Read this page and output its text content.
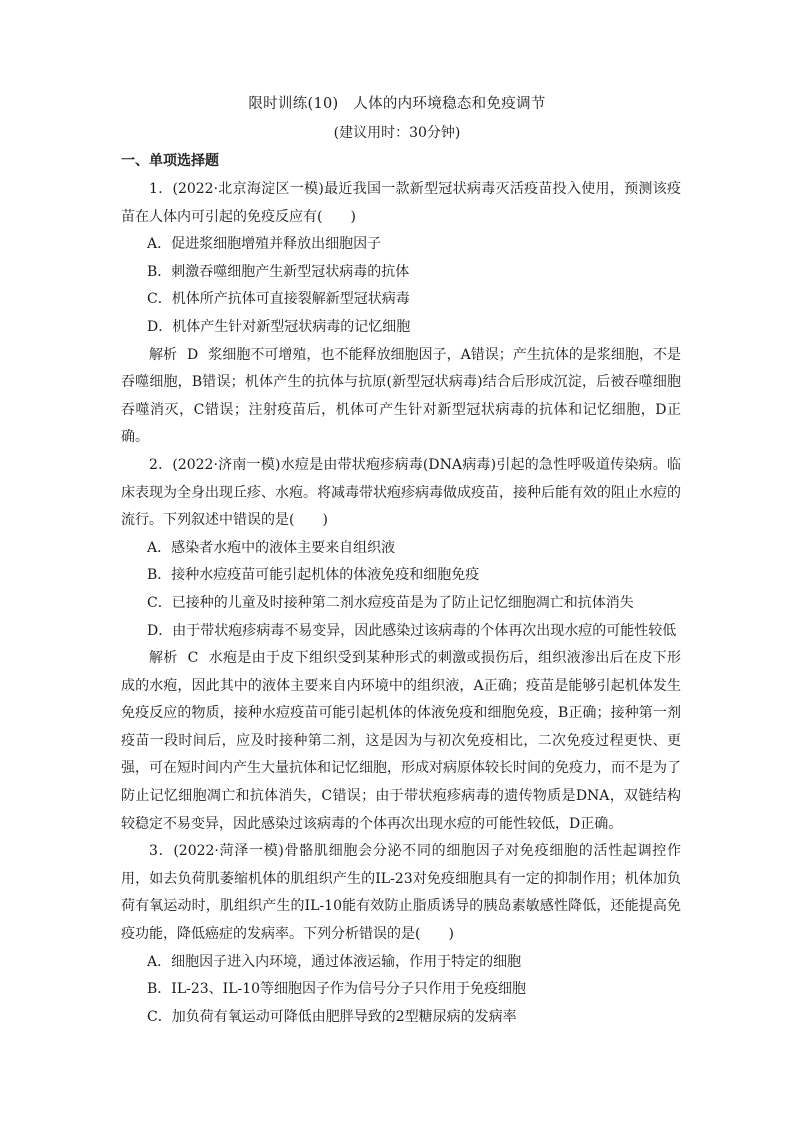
限时训练(10)　人体的内环境稳态和免疫调节
(建议用时：30分钟)
一、单项选择题

1．(2022·北京海淀区一模)最近我国一款新型冠状病毒灭活疫苗投入使用，预测该疫苗在人体内可引起的免疫反应有(　　)

A．促进浆细胞增殖并释放出细胞因子

B．刺激吞噬细胞产生新型冠状病毒的抗体

C．机体所产抗体可直接裂解新型冠状病毒

D．机体产生针对新型冠状病毒的记忆细胞

解析 D 浆细胞不可增殖，也不能释放细胞因子，A错误；产生抗体的是浆细胞，不是吞噬细胞，B错误；机体产生的抗体与抗原(新型冠状病毒)结合后形成沉淀，后被吞噬细胞吞噬消灭，C错误；注射疫苗后，机体可产生针对新型冠状病毒的抗体和记忆细胞，D正确。

2．(2022·济南一模)水痘是由带状疱疹病毒(DNA病毒)引起的急性呼吸道传染病。临床表现为全身出现丘疹、水疱。将减毒带状疱疹病毒做成疫苗，接种后能有效的阻止水痘的流行。下列叙述中错误的是(　　)

A．感染者水疱中的液体主要来自组织液

B．接种水痘疫苗可能引起机体的体液免疫和细胞免疫

C．已接种的儿童及时接种第二剂水痘疫苗是为了防止记忆细胞凋亡和抗体消失

D．由于带状疱疹病毒不易变异，因此感染过该病毒的个体再次出现水痘的可能性较低

解析 C 水疱是由于皮下组织受到某种形式的刺激或损伤后，组织液渗出后在皮下形成的水疱，因此其中的液体主要来自内环境中的组织液，A正确；疫苗是能够引起机体发生免疫反应的物质，接种水痘疫苗可能引起机体的体液免疫和细胞免疫，B正确；接种第一剂疫苗一段时间后，应及时接种第二剂，这是因为与初次免疫相比，二次免疫过程更快、更强，可在短时间内产生大量抗体和记忆细胞，形成对病原体较长时间的免疫力，而不是为了防止记忆细胞凋亡和抗体消失，C错误；由于带状疱疹病毒的遗传物质是DNA，双链结构较稳定不易变异，因此感染过该病毒的个体再次出现水痘的可能性较低，D正确。

3．(2022·菏泽一模)骨骼肌细胞会分泌不同的细胞因子对免疫细胞的活性起调控作用，如去负荷肌萎缩机体的肌组织产生的IL-23对免疫细胞具有一定的抑制作用；机体加负荷有氧运动时，肌组织产生的IL-10能有效防止脂质诱导的胰岛素敏感性降低，还能提高免疫功能，降低癌症的发病率。下列分析错误的是(　　)

A．细胞因子进入内环境，通过体液运输，作用于特定的细胞

B．IL-23、IL-10等细胞因子作为信号分子只作用于免疫细胞

C．加负荷有氧运动可降低由肥胖导致的2型糖尿病的发病率
